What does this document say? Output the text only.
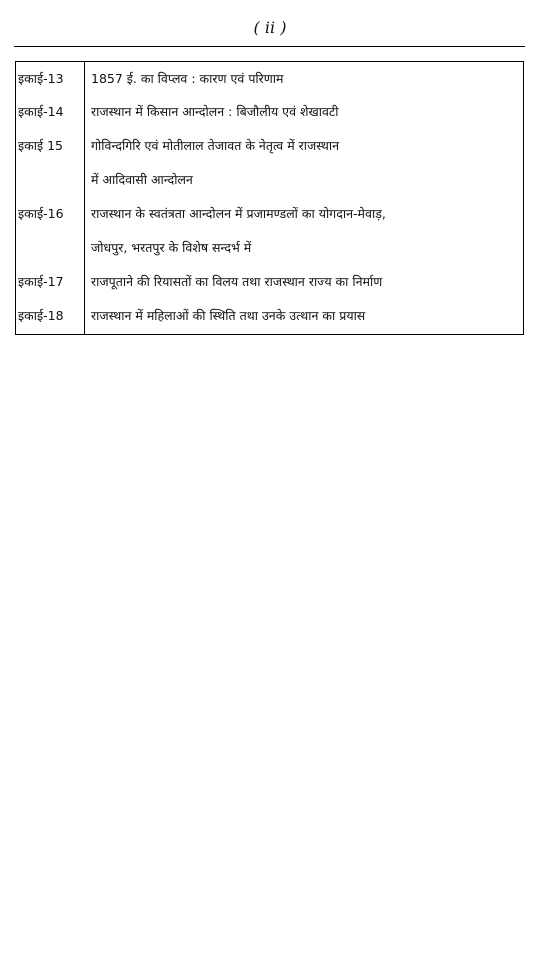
( ii )
इकाई-13	1857 ई. का विप्लव : कारण एवं परिणाम
इकाई-14	राजस्थान में किसान आन्दोलन : बिजौलीय एवं शेखावटी
इकाई 15	गोविन्दगिरि एवं मोतीलाल तेजावत के नेतृत्व में राजस्थान
में आदिवासी आन्दोलन
इकाई-16	राजस्थान के स्वतंत्रता आन्दोलन में प्रजामण्डलों का योगदान-मेवाड़,
जोधपुर, भरतपुर के विशेष सन्दर्भ में
इकाई-17	राजपूताने की रियासतों का विलय तथा राजस्थान राज्य का निर्माण
इकाई-18	राजस्थान में महिलाओं की स्थिति तथा उनके उत्थान का प्रयास
